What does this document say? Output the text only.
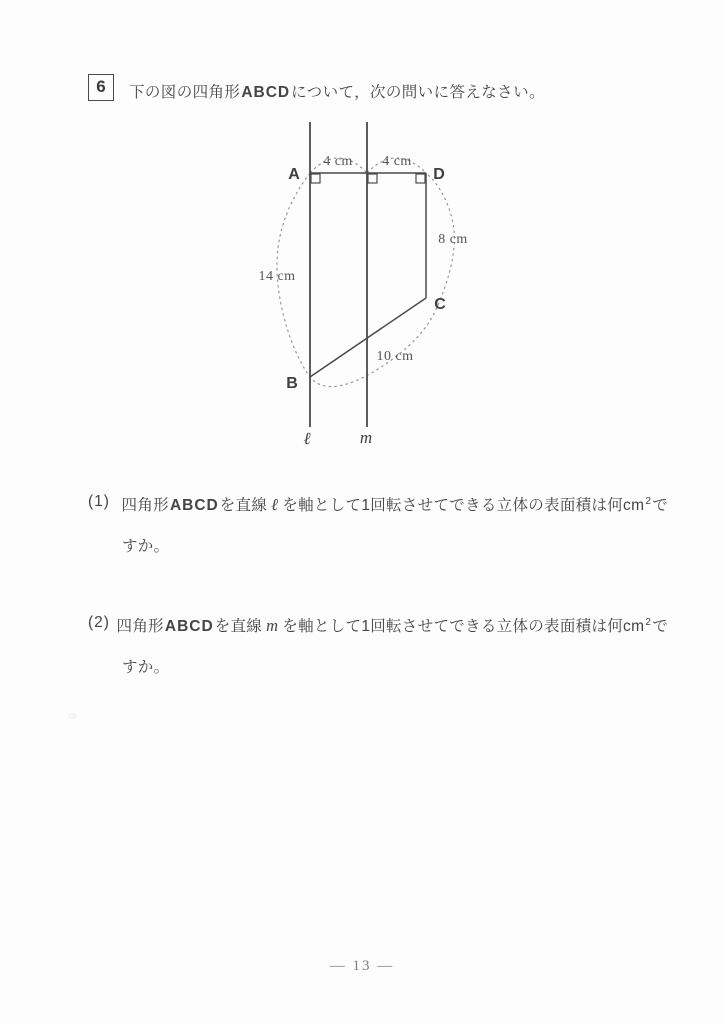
6	下の図の四角形ABCDについて，次の問いに答えなさい。
A	D
C
B
4 cm 4 cm
8 cm
14 cm
10 cm
ℓ	m
(1) 四角形ABCDを直線 ℓ を軸として1回転させてできる立体の表面積は何$cm^2$で
すか。
(2) 四角形ABCDを直線 m を軸として1回転させてできる立体の表面積は何$cm^2$で
すか。
— 13 —
